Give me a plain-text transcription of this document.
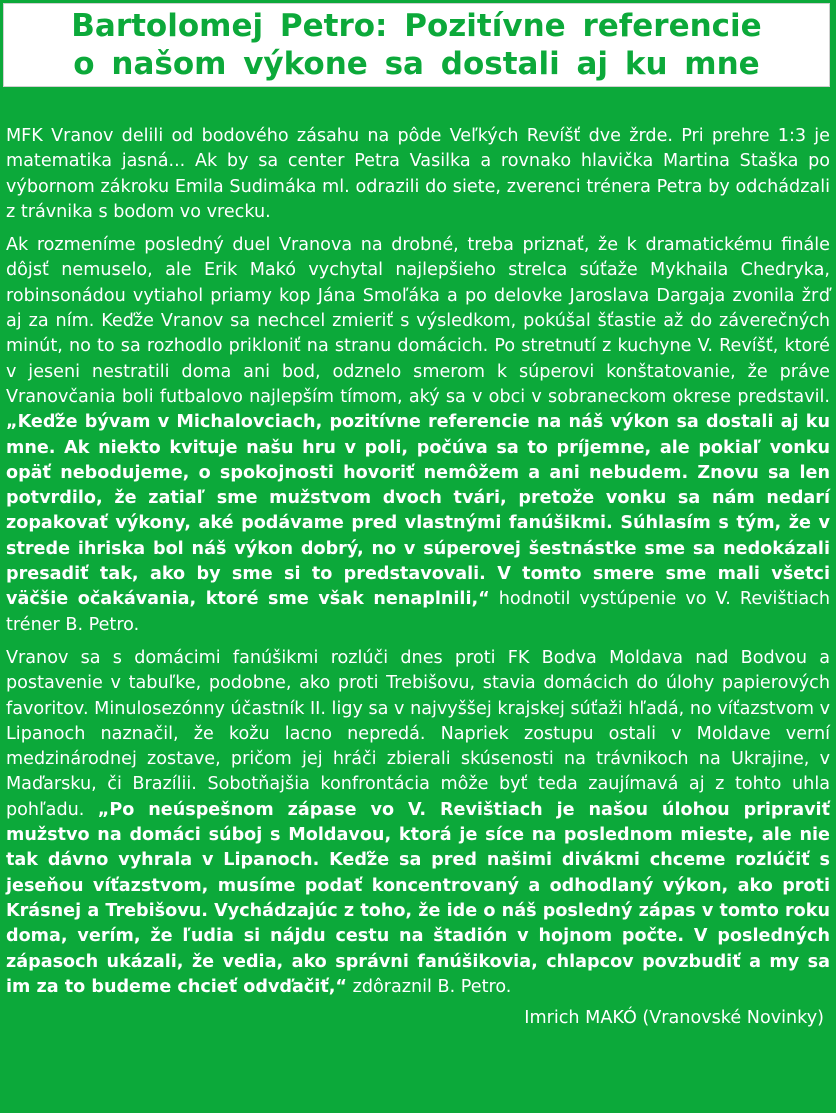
Bartolomej Petro: Pozitívne referencie
o našom výkone sa dostali aj ku mne

MFK Vranov delili od bodového zásahu na pôde Veľkých Revíšť dve žrde. Pri prehre 1:3 je matematika jasná... Ak by sa center Petra Vasilka a rovnako hlavička Martina Staška po výbornom zákroku Emila Sudimáka ml. odrazili do siete, zverenci trénera Petra by odchádzali z trávnika s bodom vo vrecku.

Ak rozmeníme posledný duel Vranova na drobné, treba priznať, že k dramatickému finále dôjsť nemuselo, ale Erik Makó vychytal najlepšieho strelca súťaže Mykhaila Chedryka, robinsonádou vytiahol priamy kop Jána Smoľáka a po delovke Jaroslava Dargaja zvonila žrď aj za ním. Keďže Vranov sa nechcel zmieriť s výsledkom, pokúšal šťastie až do záverečných minút, no to sa rozhodlo prikloniť na stranu domácich. Po stretnutí z kuchyne V. Revíšť, ktoré v jeseni nestratili doma ani bod, odznelo smerom k súperovi konštatovanie, že práve Vranovčania boli futbalovo najlepším tímom, aký sa v obci v sobraneckom okrese predstavil. „Keďže bývam v Michalovciach, pozitívne referencie na náš výkon sa dostali aj ku mne. Ak niekto kvituje našu hru v poli, počúva sa to príjemne, ale pokiaľ vonku opäť nebodujeme, o spokojnosti hovoriť nemôžem a ani nebudem. Znovu sa len potvrdilo, že zatiaľ sme mužstvom dvoch tvári, pretože vonku sa nám nedarí zopakovať výkony, aké podávame pred vlastnými fanúšikmi. Súhlasím s tým, že v strede ihriska bol náš výkon dobrý, no v súperovej šestnástke sme sa nedokázali presadiť tak, ako by sme si to predstavovali. V tomto smere sme mali všetci väčšie očakávania, ktoré sme však nenaplnili,“ hodnotil vystúpenie vo V. Revištiach tréner B. Petro.

Vranov sa s domácimi fanúšikmi rozlúči dnes proti FK Bodva Moldava nad Bodvou a postavenie v tabuľke, podobne, ako proti Trebišovu, stavia domácich do úlohy papierových favoritov. Minulosezónny účastník II. ligy sa v najvyššej krajskej súťaži hľadá, no víťazstvom v Lipanoch naznačil, že kožu lacno nepredá. Napriek zostupu ostali v Moldave verní medzinárodnej zostave, pričom jej hráči zbierali skúsenosti na trávnikoch na Ukrajine, v Maďarsku, či Brazílii. Sobotňajšia konfrontácia môže byť teda zaujímavá aj z tohto uhla pohľadu. „Po neúspešnom zápase vo V. Revištiach je našou úlohou pripraviť mužstvo na domáci súboj s Moldavou, ktorá je síce na poslednom mieste, ale nie tak dávno vyhrala v Lipanoch. Keďže sa pred našimi divákmi chceme rozlúčiť s jeseňou víťazstvom, musíme podať koncentrovaný a odhodlaný výkon, ako proti Krásnej a Trebišovu. Vychádzajúc z toho, že ide o náš posledný zápas v tomto roku doma, verím, že ľudia si nájdu cestu na štadión v hojnom počte. V posledných zápasoch ukázali, že vedia, ako správni fanúšikovia, chlapcov povzbudiť a my sa im za to budeme chcieť odvďačiť,“ zdôraznil B. Petro.

Imrich MAKÓ (Vranovské Novinky)
